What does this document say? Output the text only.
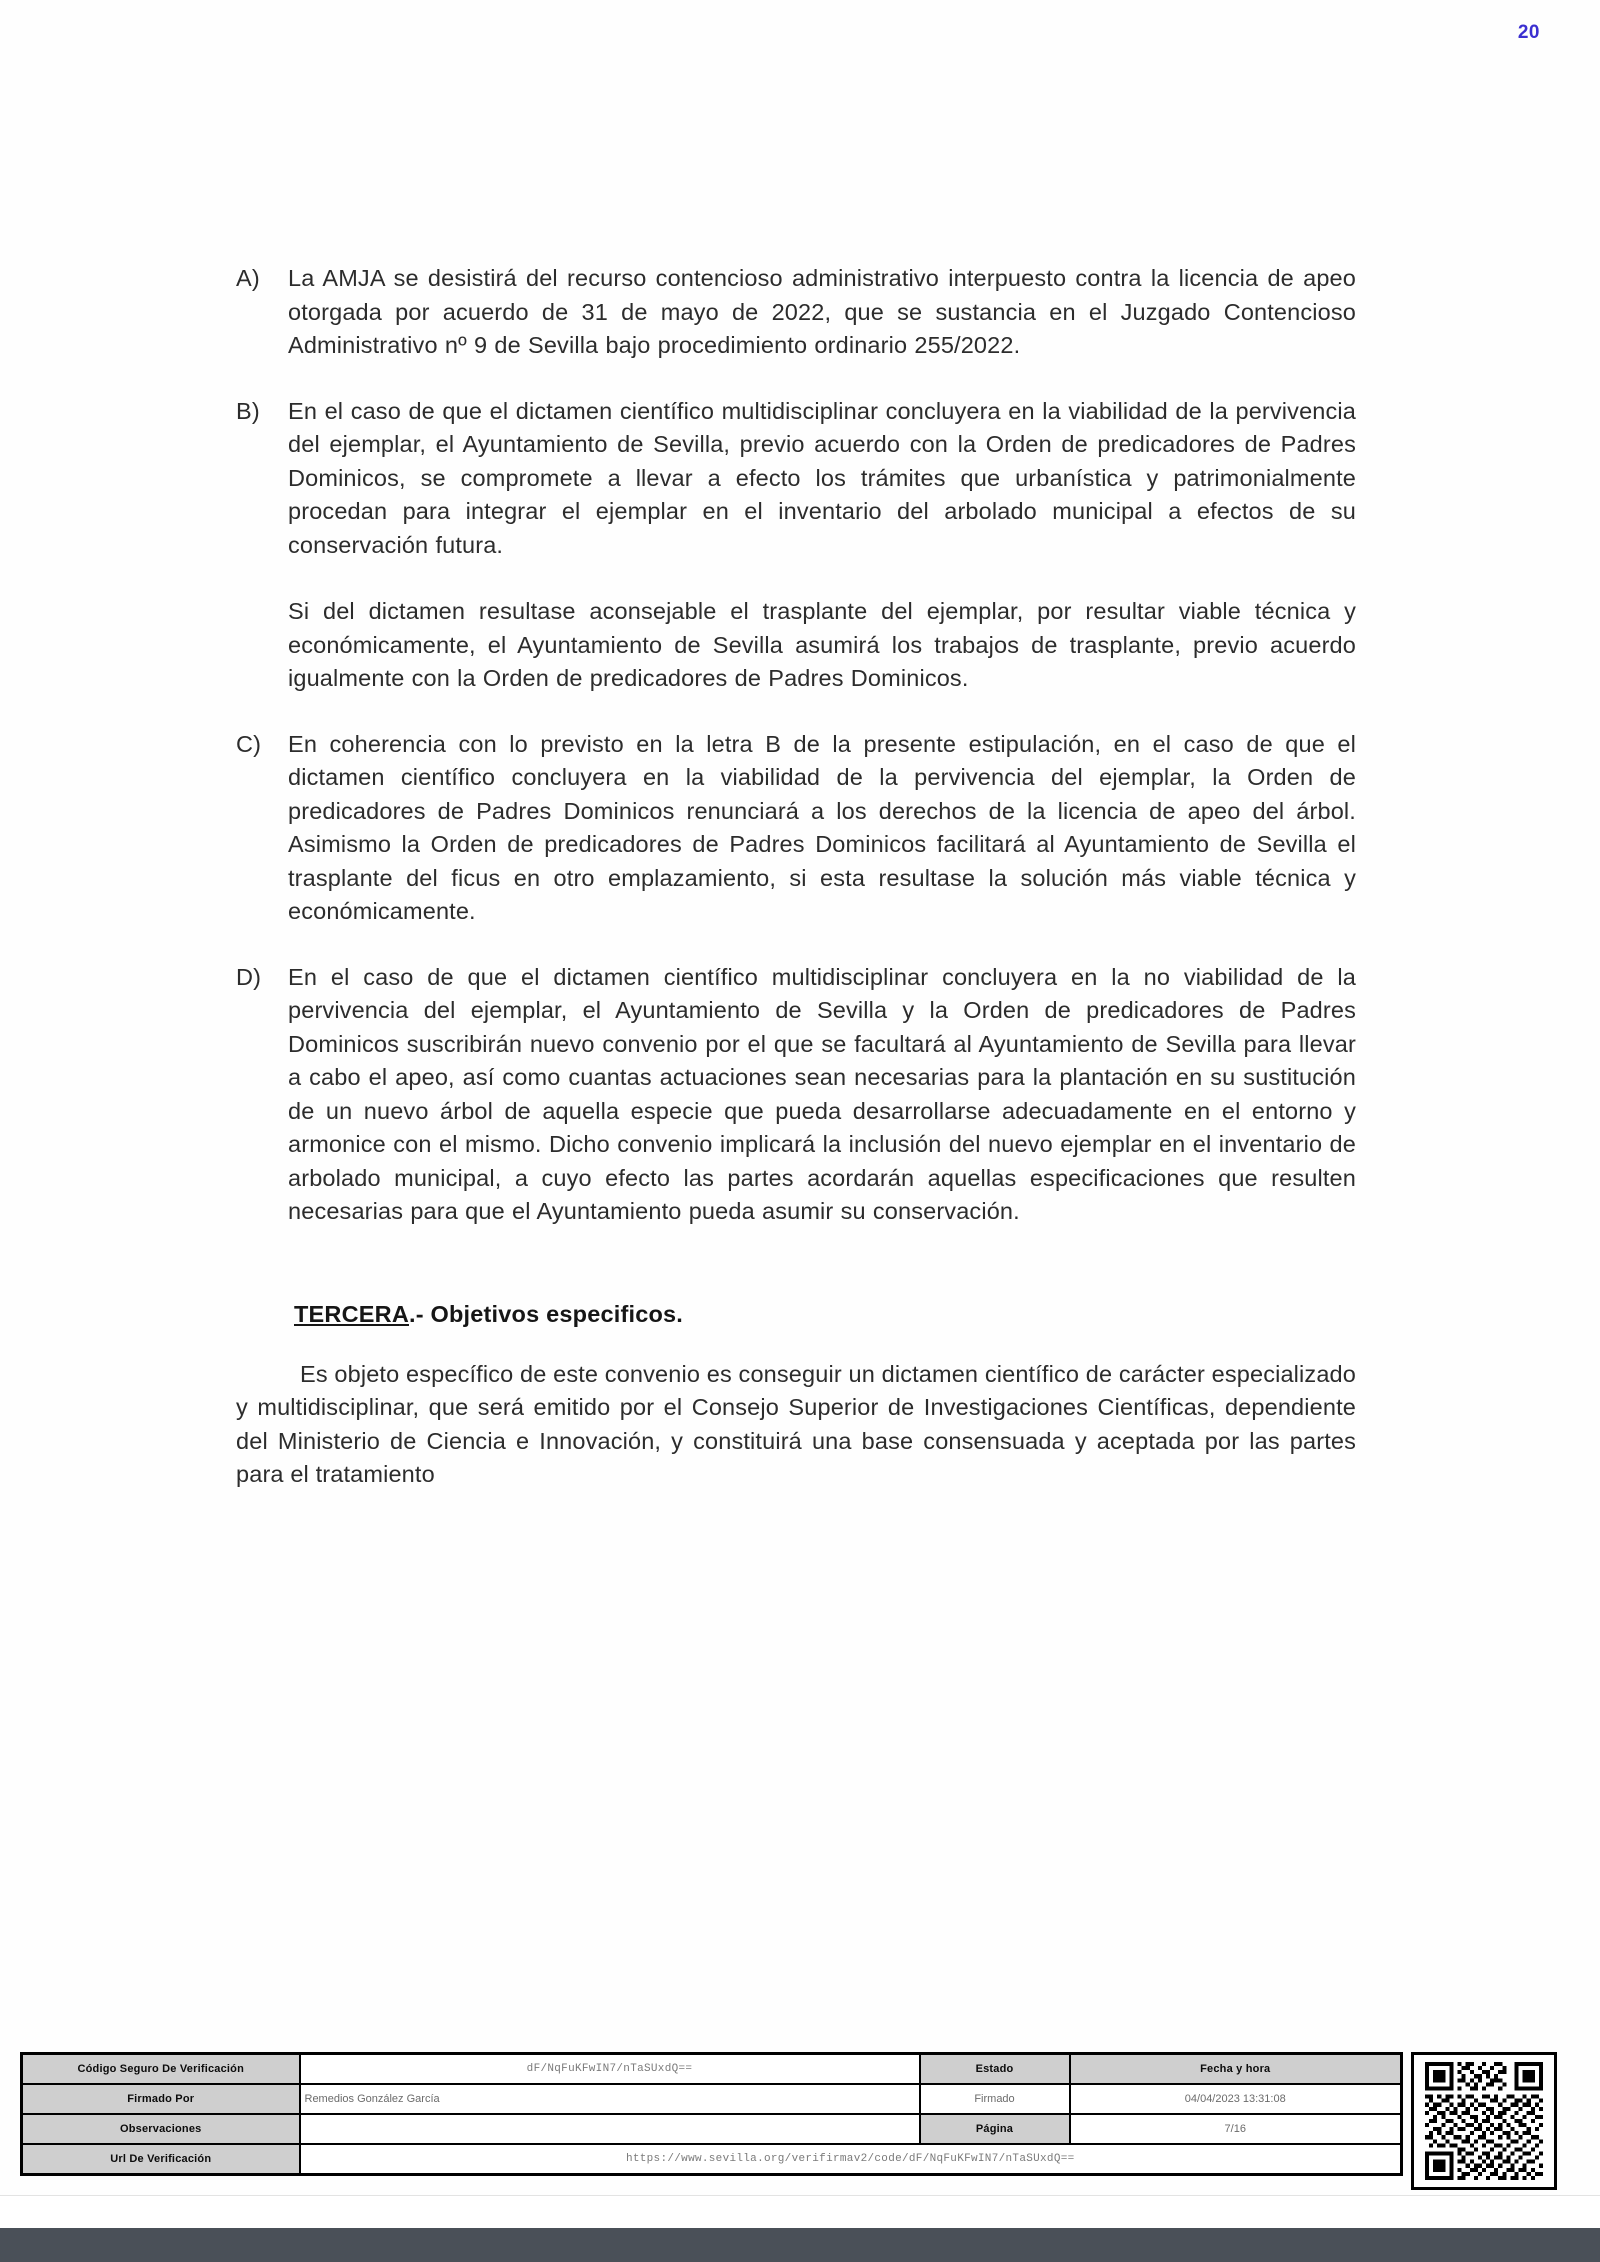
20
A)	La AMJA se desistirá del recurso contencioso administrativo interpuesto contra la licencia de apeo otorgada por acuerdo de 31 de mayo de 2022, que se sustancia en el Juzgado Contencioso Administrativo nº 9 de Sevilla bajo procedimiento ordinario 255/2022.

B)	En el caso de que el dictamen científico multidisciplinar concluyera en la viabilidad de la pervivencia del ejemplar, el Ayuntamiento de Sevilla, previo acuerdo con la Orden de predicadores de Padres Dominicos, se compromete a llevar a efecto los trámites que urbanística y patrimonialmente procedan para integrar el ejemplar en el inventario del arbolado municipal a efectos de su conservación futura.

Si del dictamen resultase aconsejable el trasplante del ejemplar, por resultar viable técnica y económicamente, el Ayuntamiento de Sevilla asumirá los trabajos de trasplante, previo acuerdo igualmente con la Orden de predicadores de Padres Dominicos.

C)	En coherencia con lo previsto en la letra B de la presente estipulación, en el caso de que el dictamen científico concluyera en la viabilidad de la pervivencia del ejemplar, la Orden de predicadores de Padres Dominicos renunciará a los derechos de la licencia de apeo del árbol. Asimismo la Orden de predicadores de Padres Dominicos facilitará al Ayuntamiento de Sevilla el trasplante del ficus en otro emplazamiento, si esta resultase la solución más viable técnica y económicamente.

D)	En el caso de que el dictamen científico multidisciplinar concluyera en la no viabilidad de la pervivencia del ejemplar, el Ayuntamiento de Sevilla y la Orden de predicadores de Padres Dominicos suscribirán nuevo convenio por el que se facultará al Ayuntamiento de Sevilla para llevar a cabo el apeo, así como cuantas actuaciones sean necesarias para la plantación en su sustitución de un nuevo árbol de aquella especie que pueda desarrollarse adecuadamente en el entorno y armonice con el mismo. Dicho convenio implicará la inclusión del nuevo ejemplar en el inventario de arbolado municipal, a cuyo efecto las partes acordarán aquellas especificaciones que resulten necesarias para que el Ayuntamiento pueda asumir su conservación.

TERCERA.- Objetivos especificos.
Es objeto específico de este convenio es conseguir un dictamen científico de carácter especializado y multidisciplinar, que será emitido por el Consejo Superior de Investigaciones Científicas, dependiente del Ministerio de Ciencia e Innovación, y constituirá una base consensuada y aceptada por las partes para el tratamiento
Código Seguro De Verificación	dF/NqFuKFwIN7/nTaSUxdQ==	Estado	Fecha y hora
Firmado Por	Remedios González García	Firmado	04/04/2023 13:31:08
Observaciones		Página	7/16
Url De Verificación	https://www.sevilla.org/verifirmav2/code/dF/NqFuKFwIN7/nTaSUxdQ==		
